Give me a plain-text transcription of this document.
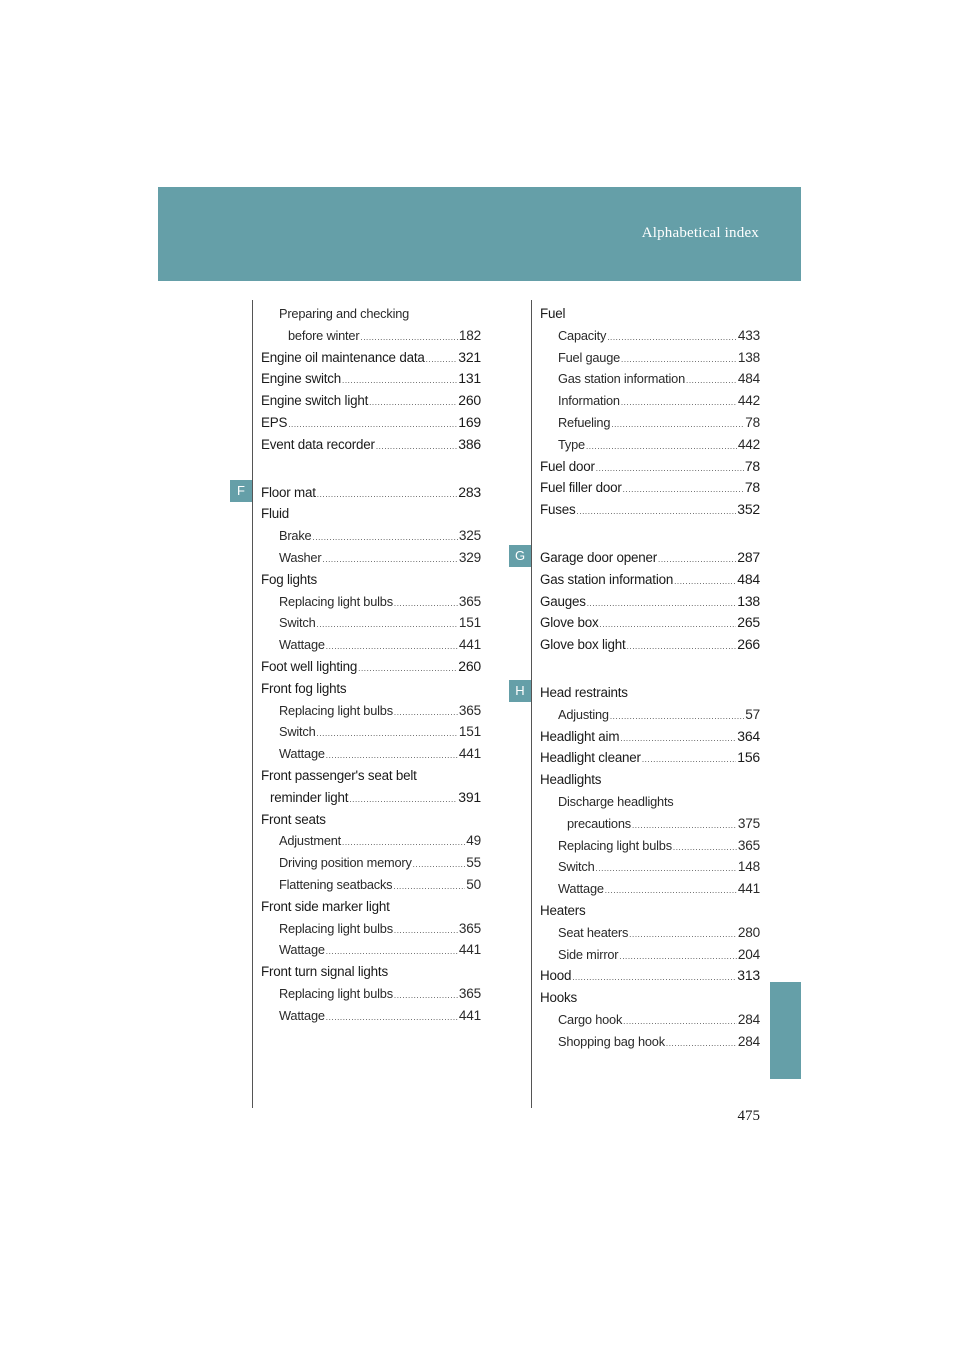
Alphabetical index
F
G
H
Preparing and checking
before winter .....	182
Engine oil maintenance data ..... 321
Engine switch .....	131
Engine switch light .....	260
EPS .....	169
Event data recorder .....	386
Floor mat .....	283
Fluid
Brake .....	325
Washer .....	329
Fog lights
Replacing light bulbs .....	365
Switch .....	151
Wattage .....	441
Foot well lighting .....	260
Front fog lights
Replacing light bulbs .....	365
Switch .....	151
Wattage .....	441
Front passenger's seat belt
reminder light .....	391
Front seats
Adjustment .....	49
Driving position memory .....	55
Flattening seatbacks .....	50
Front side marker light
Replacing light bulbs .....	365
Wattage .....	441
Front turn signal lights
Replacing light bulbs .....	365
Wattage .....	441
Fuel
Capacity .....	433
Fuel gauge .....	138
Gas station information .....	484
Information .....	442
Refueling .....	78
Type .....	442
Fuel door .....	78
Fuel filler door .....	78
Fuses .....	352
Garage door opener .....	287
Gas station information .....	484
Gauges .....	138
Glove box .....	265
Glove box light .....	266
Head restraints
Adjusting .....	57
Headlight aim .....	364
Headlight cleaner .....	156
Headlights
Discharge headlights
precautions .....	375
Replacing light bulbs .....	365
Switch .....	148
Wattage .....	441
Heaters
Seat heaters .....	280
Side mirror .....	204
Hood .....	313
Hooks
Cargo hook .....	284
Shopping bag hook .....	284
475
